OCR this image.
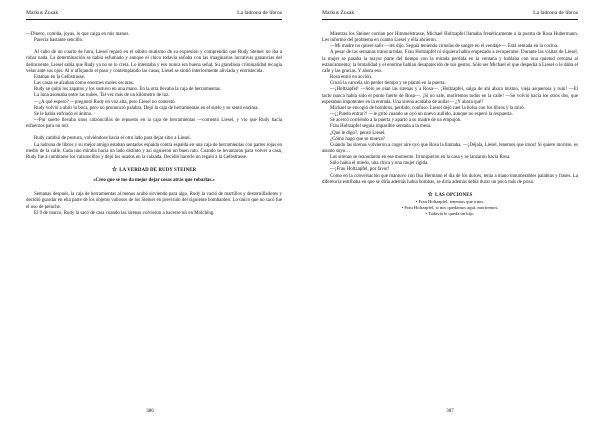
Markus Zusak	La ladrona de libros

—Dinero, comida, joyas, lo que caiga en mis manos.

Parecía bastante sencillo.

Al cabo de un cuarto de hora, Liesel reparó en el súbito mutismo de su expresión y comprendió que Rudy Steiner no iba a robar nada. La determinación se había esfumado y aunque el chico todavía soñaba con las imaginarias lucrativas ganancias del delincuente, Liesel sabía que Rudy ya no se lo creía. Lo intentaba y eso nunca era buena señal. Su grandiosa criminalidad recogía velas ante sus ojos. Al ir aflojando el paso y contemplando las casas, Liesel se sintió interiormente aliviada y entristecida.

Estaban en la Gelbstrasse.

Las casas se alzaban como enormes moles oscuras.

Rudy se quitó los zapatos y los sostuvo en una mano. En la otra llevaba la caja de herramientas.

La luna asomaba entre las nubes. Tal vez más de un kilómetro de luz.

—¿A qué espero? —preguntó Rudy en voz alta, pero Liesel no contestó.

Rudy volvió a abrir la boca, pero no pronunció palabra. Dejó la caja de herramientas en el suelo y se sentó encima.

Se le había enfriado el ánimo.

—Por suerte llevaba unos calzoncillos de repuesto en la caja de herramientas —comentó Liesel, y vio que Rudy hacía esfuerzos para no reír.

Rudy cambió de postura, volviéndose hacia el otro lado para dejar sitio a Liesel.

La ladrona de libros y su mejor amigo estaban sentados espalda contra espalda en una caja de herramientas con partes rojas en medio de la calle. Cada uno miraba hacia un lado distinto y así siguieron un buen rato. Cuando se levantaron para volver a casa, Rudy fue a cambiarse los calzoncillos y dejó los usados en la calzada. Decidió hacerle un regalo a la Gelbstrasse.

☆ LA VERDAD DE RUDY STEINER
«Creo que se me da mejor dejar cosas atrás que robarlas.»

Semanas después, la caja de herramientas al menos acabó sirviendo para algo. Rudy la vació de martillos y destornilladores y decidió guardar en ella parte de los objetos valiosos de los Steiner en previsión del siguiente bombardeo. Lo único que no sacó fue el oso de peluche.

El 9 de marzo, Rudy la sacó de casa cuando las sirenas volvieron a hacerse oír en Molching.

386
Markus Zusak	La ladrona de libros

Mientras los Steiner corrían por Himmelstrasse, Michael Holtzapfel llamaba frenéticamente a la puerta de Rosa Hubermann. Les informó del problema en cuanto Liesel y ella abrieron.

—Mi madre no quiere salir —les dijo. Seguía teniendo ciruelas de sangre en el vendaje—. Está sentada en la cocina.

A pesar de las semanas transcurridas, Frau Holtzapfel ni siquiera había empezado a recuperarse. Durante las visitas de Liesel, la mujer se pasaba la mayor parte del tiempo con la mirada perdida en la ventana y hablaba con una quietud cercana al estancamiento; la brutalidad y el enorme hablan desaparecido de sus gestos. Sólo ser Michael el que despedía a Liesel o le daba el café y las gracias. Y ahora eso.

Rosa entró en acción.

Cruzó la cancela sin perder tiempo y se plantó en la puerta.

—¡Holtzapfel! —Sólo se oían las sirenas y a Rosa—. ¡Holtzapfel, salga de ahí ahora mismo, vieja asquerosa y ruin! —El tacto nunca había sido el punto fuerte de Rosa—. ¡Si no sale, moriremos todos en la calle! —Se volvió hacia los otros dos, que esperaban impotentes en la entrada. Una sirena acababa de aullar— ¿Y ahora qué?

Michael se encogió de hombros, perdido, confuso. Liesel dejó caer la bolsa con los libros y la miró.

—¡¿Puedo entrar?! —le gritó cuando se oyó un nuevo aullido, aunque no esperó la respuesta.

Se acercó corriendo a la puerta y apartó a su madre de un empujón.

Frau Holtzapfel seguía impasible sentada a la mesa.

¿Qué le digo?, pensó Liesel.

¿Cómo hago que se mueva?

Cuando las sirenas volvieron a coger aire oyó que Rosa la llamaba. —¡Déjala, Liesel, tenemos que irnos! Si quiere morirse, es asunto suyo…

Las sirenas se reanudaron en ese momento. Irrumpieron en la casa y se lanzaron hacia Rosa.

Sólo había el miedo, una chica y una mujer rígida.

—¡Frau Holtzapfel, por favor!

Como en la conversación que mantuvo con Ilsa Hermann el día de los dulces, tenía a mano innumerables palabras y frases. La diferencia estribaba en que se diría además había bombas, se diría además debía durar un poco más de prisa.

☆ LAS OPCIONES
• Frau Holtzapfel, tenemos que irnos.
• Frau Holtzapfel, si nos quedamos aquí, moriremos.
• Todavía le queda un hijo.
387
